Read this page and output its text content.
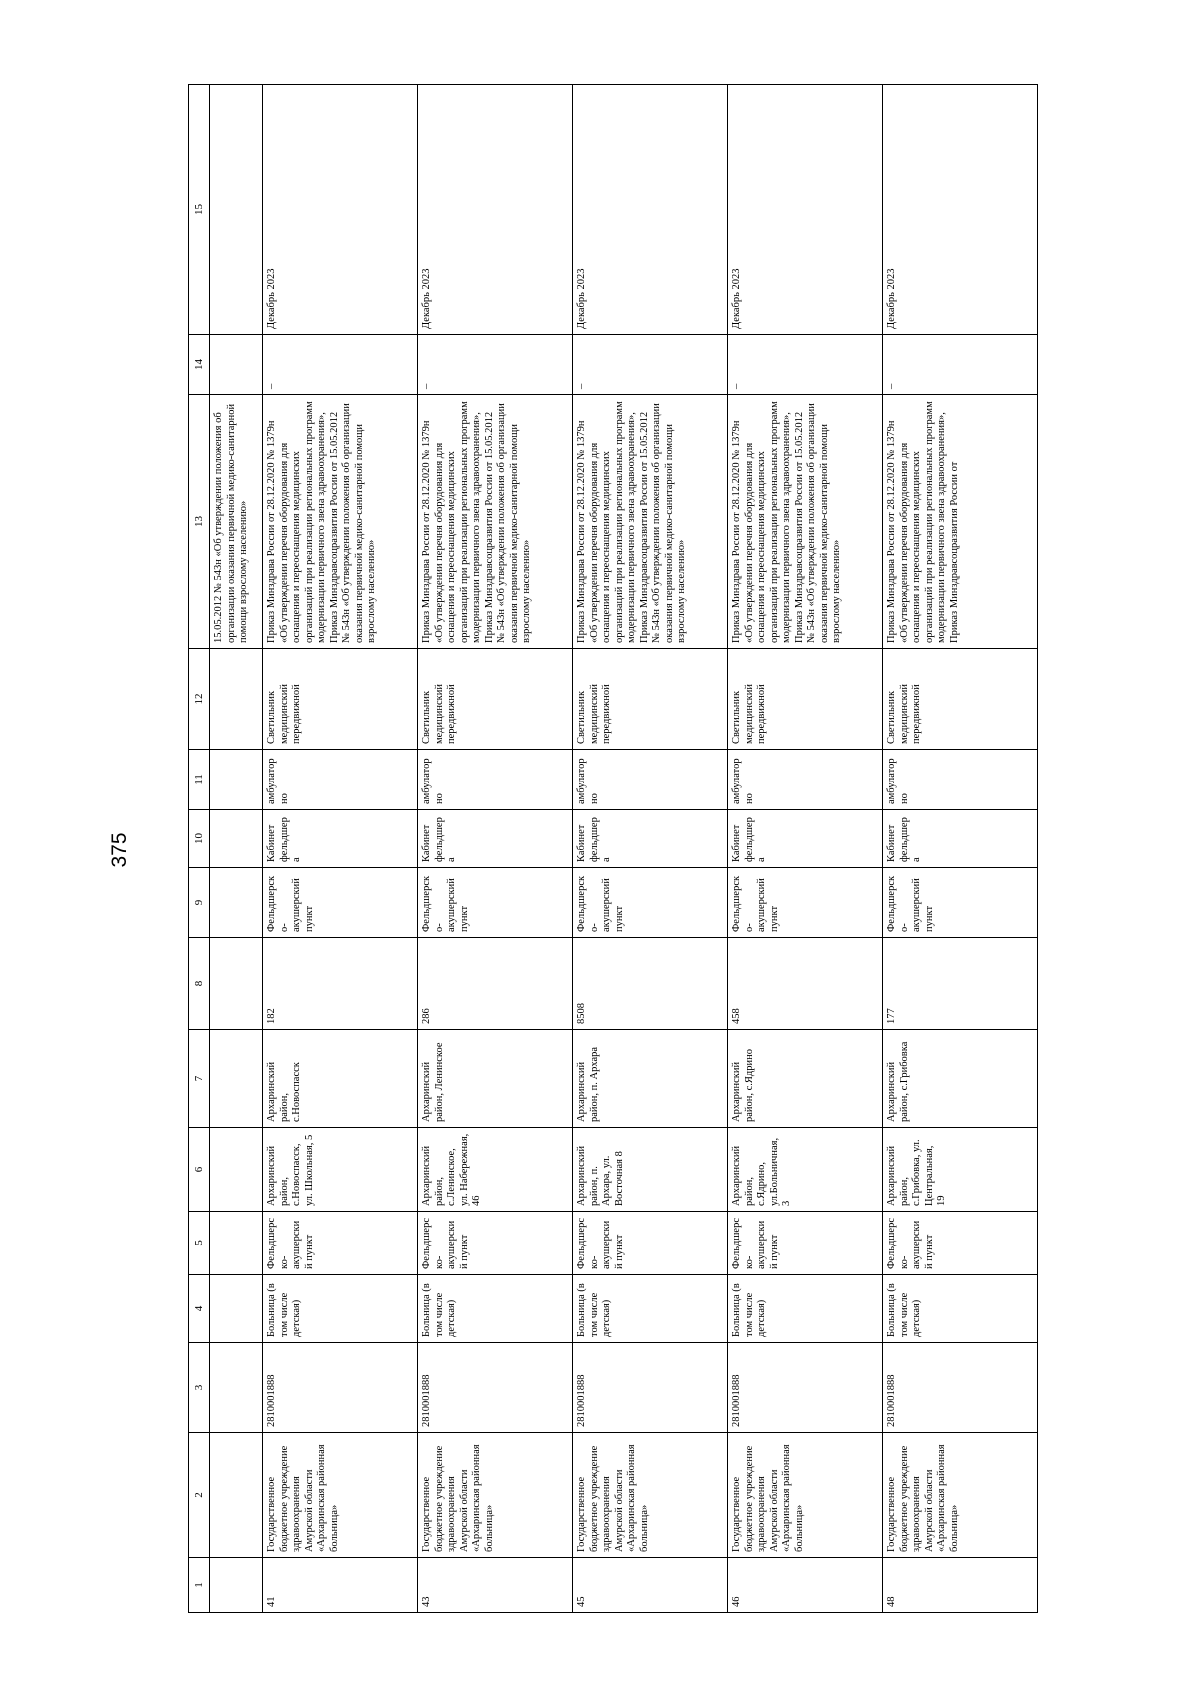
375
1	2	3	4	5	6	7	8	9	10	11	12	13	14	15
												15.05.2012 № 543н «Об утверждении положения об организации оказания первичной медико-санитарной помощи взрослому населению»		
41	Государственное бюджетное учреждение здравоохранения Амурской области «Архаринская районная больница»	2810001888	Больница (в том числе детская)	Фельдшерско-акушерский пункт	Архаринский район, с.Новоспасск, ул. Школьная, 5	Архаринский район, с.Новоспасск	182	Фельдшерско-акушерский пункт	Кабинет фельдшера	амбулаторно	Светильник медицинский передвижной	Приказ Минздрава России от 28.12.2020 № 1379н «Об утверждении перечня оборудования для оснащения и переоснащения медицинских организаций при реализации региональных программ модернизации первичного звена здравоохранения», Приказ Минздравсоцразвития России от 15.05.2012 № 543н «Об утверждении положения об организации оказания первичной медико-санитарной помощи взрослому населению»	–	Декабрь 2023
43	Государственное бюджетное учреждение здравоохранения Амурской области «Архаринская районная больница»	2810001888	Больница (в том числе детская)	Фельдшерско-акушерский пункт	Архаринский район, с.Ленинское, ул. Набережная, 46	Архаринский район, Ленинское	286	Фельдшерско-акушерский пункт	Кабинет фельдшера	амбулаторно	Светильник медицинский передвижной	Приказ Минздрава России от 28.12.2020 № 1379н «Об утверждении перечня оборудования для оснащения и переоснащения медицинских организаций при реализации региональных программ модернизации первичного звена здравоохранения», Приказ Минздравсоцразвития России от 15.05.2012 № 543н «Об утверждении положения об организации оказания первичной медико-санитарной помощи взрослому населению»	–	Декабрь 2023
45	Государственное бюджетное учреждение здравоохранения Амурской области «Архаринская районная больница»	2810001888	Больница (в том числе детская)	Фельдшерско-акушерский пункт	Архаринский район, п. Архара, ул. Восточная 8	Архаринский район, п. Архара	8508	Фельдшерско-акушерский пункт	Кабинет фельдшера	амбулаторно	Светильник медицинский передвижной	Приказ Минздрава России от 28.12.2020 № 1379н «Об утверждении перечня оборудования для оснащения и переоснащения медицинских организаций при реализации региональных программ модернизации первичного звена здравоохранения», Приказ Минздравсоцразвития России от 15.05.2012 № 543н «Об утверждении положения об организации оказания первичной медико-санитарной помощи взрослому населению»	–	Декабрь 2023
46	Государственное бюджетное учреждение здравоохранения Амурской области «Архаринская районная больница»	2810001888	Больница (в том числе детская)	Фельдшерско-акушерский пункт	Архаринский район, с.Ядрино, ул.Больничная, 3	Архаринский район, с.Ядрино	458	Фельдшерско-акушерский пункт	Кабинет фельдшера	амбулаторно	Светильник медицинский передвижной	Приказ Минздрава России от 28.12.2020 № 1379н «Об утверждении перечня оборудования для оснащения и переоснащения медицинских организаций при реализации региональных программ модернизации первичного звена здравоохранения», Приказ Минздравсоцразвития России от 15.05.2012 № 543н «Об утверждении положения об организации оказания первичной медико-санитарной помощи взрослому населению»	–	Декабрь 2023
48	Государственное бюджетное учреждение здравоохранения Амурской области «Архаринская районная больница»	2810001888	Больница (в том числе детская)	Фельдшерско-акушерский пункт	Архаринский район, с.Грибовка, ул. Центральная, 19	Архаринский район, с.Грибовка	177	Фельдшерско-акушерский пункт	Кабинет фельдшера	амбулаторно	Светильник медицинский передвижной	Приказ Минздрава России от 28.12.2020 № 1379н «Об утверждении перечня оборудования для оснащения и переоснащения медицинских организаций при реализации региональных программ модернизации первичного звена здравоохранения», Приказ Минздравсоцразвития России от	–	Декабрь 2023
